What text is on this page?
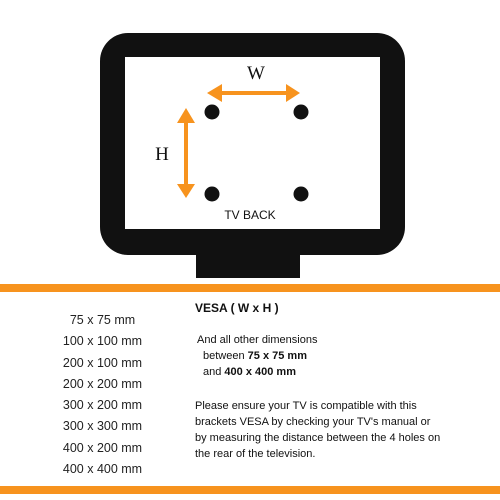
W
H
TV BACK
75 x 75 mm
100 x 100 mm
200 x 100 mm
200 x 200 mm
300 x 200 mm
300 x 300 mm
400 x 200 mm
400 x 400 mm

VESA ( W x H )

And all other dimensions
between 75 x 75 mm
and 400 x 400 mm

Please ensure your TV is compatible with this brackets VESA by checking your TV's manual or by measuring the distance between the 4 holes on the rear of the television.
